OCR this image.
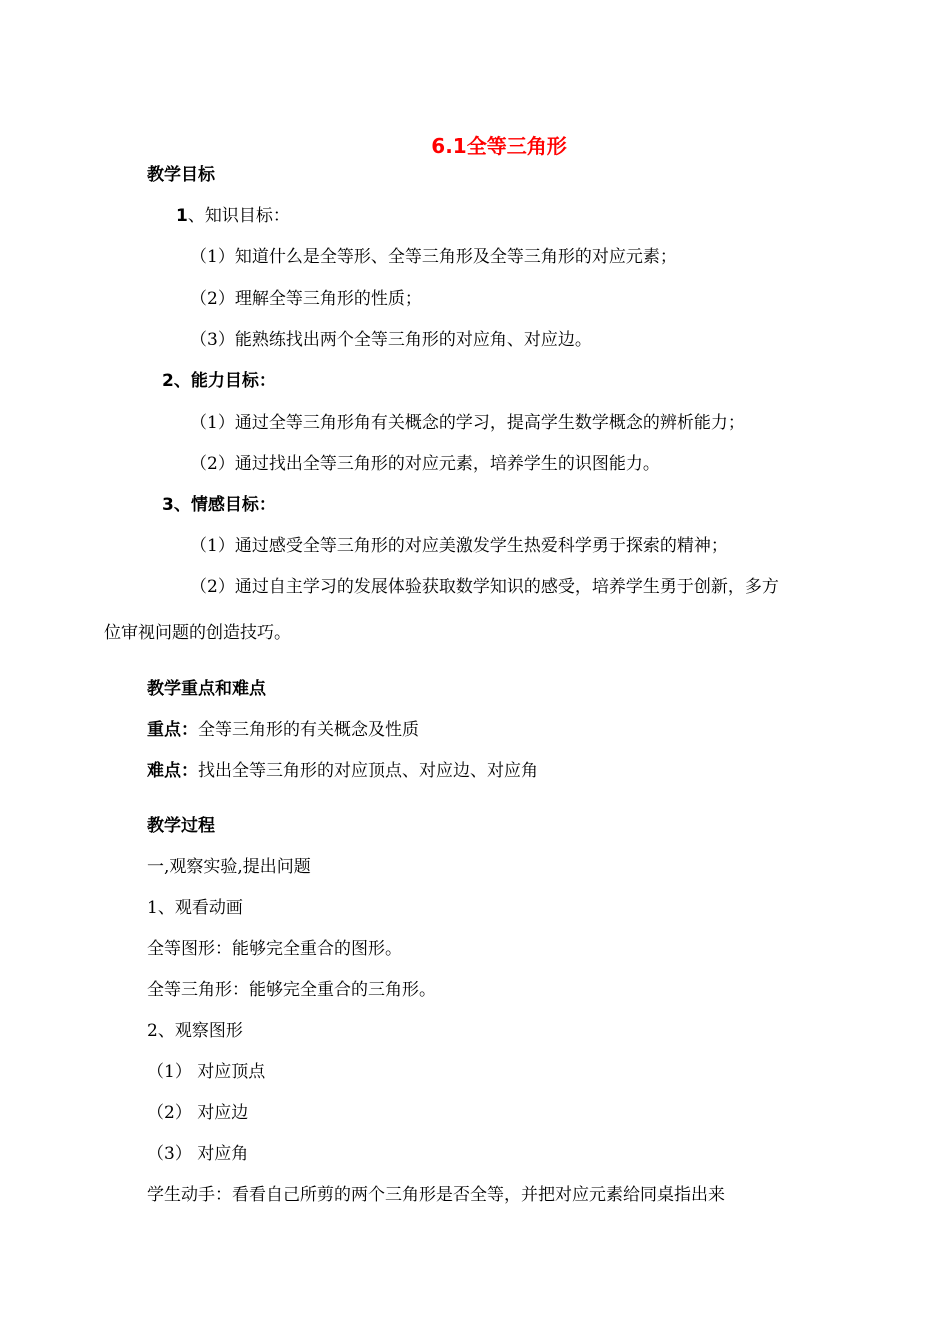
6.1全等三角形
教学目标
1、知识目标：
（1）知道什么是全等形、全等三角形及全等三角形的对应元素；
（2）理解全等三角形的性质；
（3）能熟练找出两个全等三角形的对应角、对应边。
2、能力目标：
（1）通过全等三角形角有关概念的学习，提高学生数学概念的辨析能力；
（2）通过找出全等三角形的对应元素，培养学生的识图能力。
3、情感目标：
（1）通过感受全等三角形的对应美激发学生热爱科学勇于探索的精神；
（2）通过自主学习的发展体验获取数学知识的感受，培养学生勇于创新，多方
位审视问题的创造技巧。
教学重点和难点
重点：全等三角形的有关概念及性质
难点：找出全等三角形的对应顶点、对应边、对应角
教学过程
一,观察实验,提出问题
1、观看动画
全等图形：能够完全重合的图形。
全等三角形：能够完全重合的三角形。
2、观察图形
（1） 对应顶点
（2） 对应边
（3） 对应角
学生动手：看看自己所剪的两个三角形是否全等，并把对应元素给同桌指出来
